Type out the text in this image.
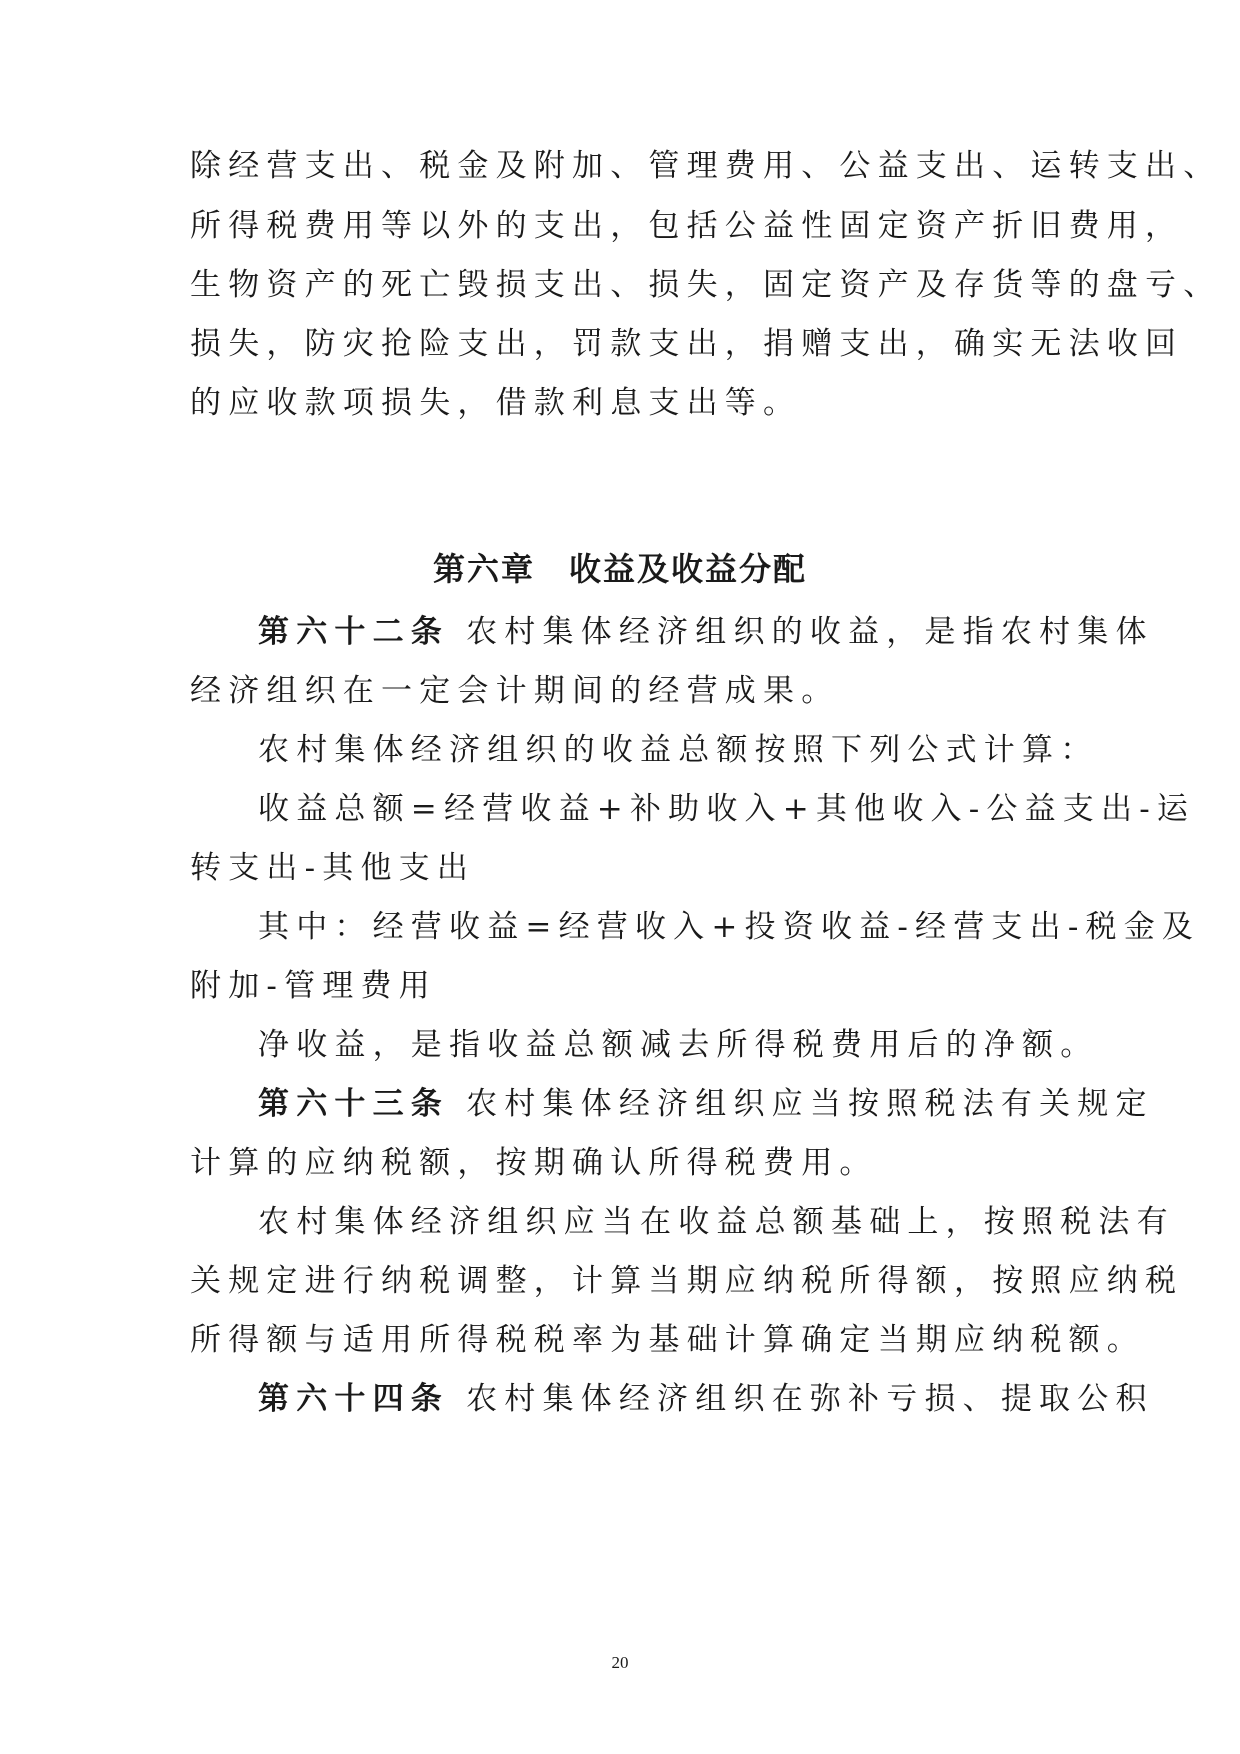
除经营支出、税金及附加、管理费用、公益支出、运转支出、
所得税费用等以外的支出，包括公益性固定资产折旧费用，
生物资产的死亡毁损支出、损失，固定资产及存货等的盘亏、
损失，防灾抢险支出，罚款支出，捐赠支出，确实无法收回
的应收款项损失，借款利息支出等。
第六章　收益及收益分配
第六十二条 农村集体经济组织的收益，是指农村集体
经济组织在一定会计期间的经营成果。
农村集体经济组织的收益总额按照下列公式计算：
收益总额=经营收益+补助收入+其他收入-公益支出-运
转支出-其他支出
其中：经营收益=经营收入+投资收益-经营支出-税金及
附加-管理费用
净收益，是指收益总额减去所得税费用后的净额。
第六十三条 农村集体经济组织应当按照税法有关规定
计算的应纳税额，按期确认所得税费用。
农村集体经济组织应当在收益总额基础上，按照税法有
关规定进行纳税调整，计算当期应纳税所得额，按照应纳税
所得额与适用所得税税率为基础计算确定当期应纳税额。
第六十四条 农村集体经济组织在弥补亏损、提取公积
20
